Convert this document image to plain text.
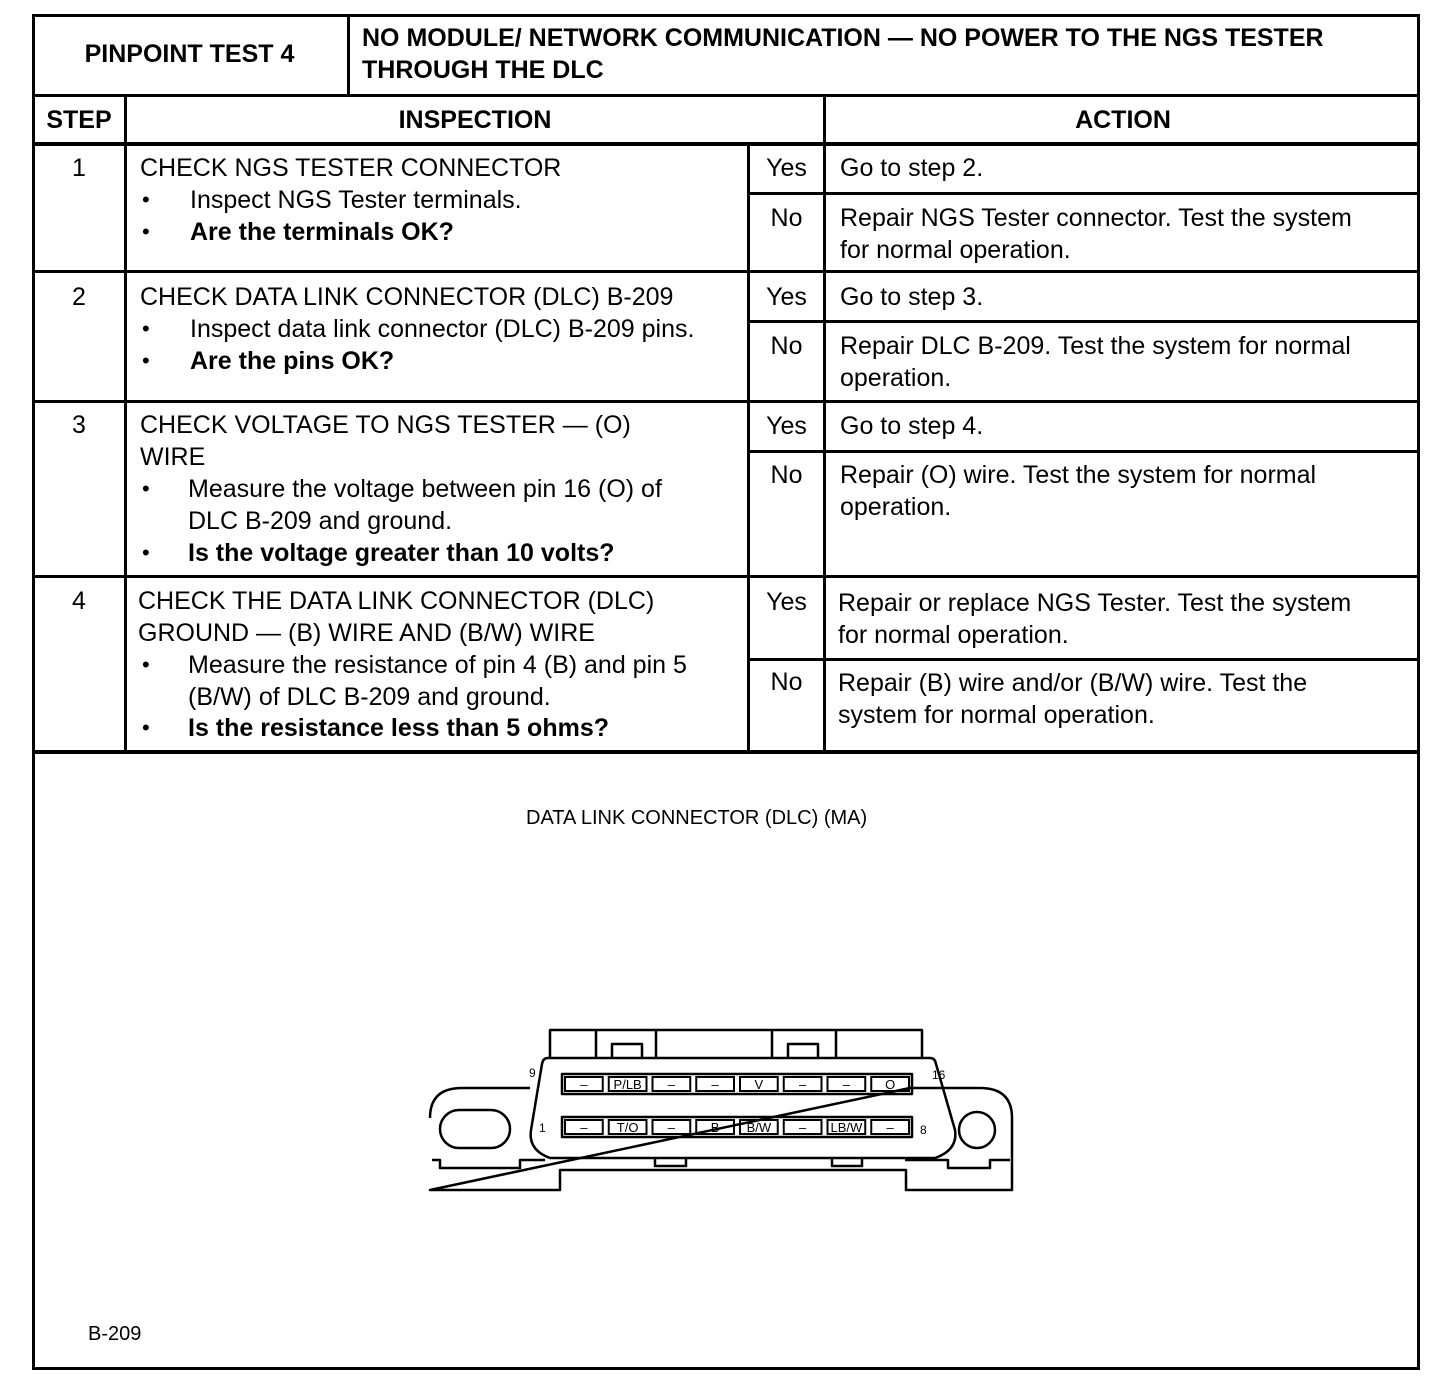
PINPOINT TEST 4
NO MODULE/ NETWORK COMMUNICATION — NO POWER TO THE NGS TESTER
THROUGH THE DLC
STEP	INSPECTION	ACTION
1	CHECK NGS TESTER CONNECTOR
• Inspect NGS Tester terminals.
• Are the terminals OK?
Yes	Go to step 2.
No	Repair NGS Tester connector. Test the system
for normal operation.
2	CHECK DATA LINK CONNECTOR (DLC) B-209
• Inspect data link connector (DLC) B-209 pins.
• Are the pins OK?
Yes	Go to step 3.
No	Repair DLC B-209. Test the system for normal
operation.
3	CHECK VOLTAGE TO NGS TESTER — (O)
WIRE
• Measure the voltage between pin 16 (O) of
DLC B-209 and ground.
• Is the voltage greater than 10 volts?
Yes	Go to step 4.
No	Repair (O) wire. Test the system for normal
operation.
4	CHECK THE DATA LINK CONNECTOR (DLC)
GROUND — (B) WIRE AND (B/W) WIRE
• Measure the resistance of pin 4 (B) and pin 5
(B/W) of DLC B-209 and ground.
• Is the resistance less than 5 ohms?
Yes	Repair or replace NGS Tester. Test the system
for normal operation.
No	Repair (B) wire and/or (B/W) wire. Test the
system for normal operation.
DATA LINK CONNECTOR (DLC) (MA)
– P/LB –	–	V	–	–	O
– T/O –	B B/W – LB/W –
9	16
1	8
B-209
